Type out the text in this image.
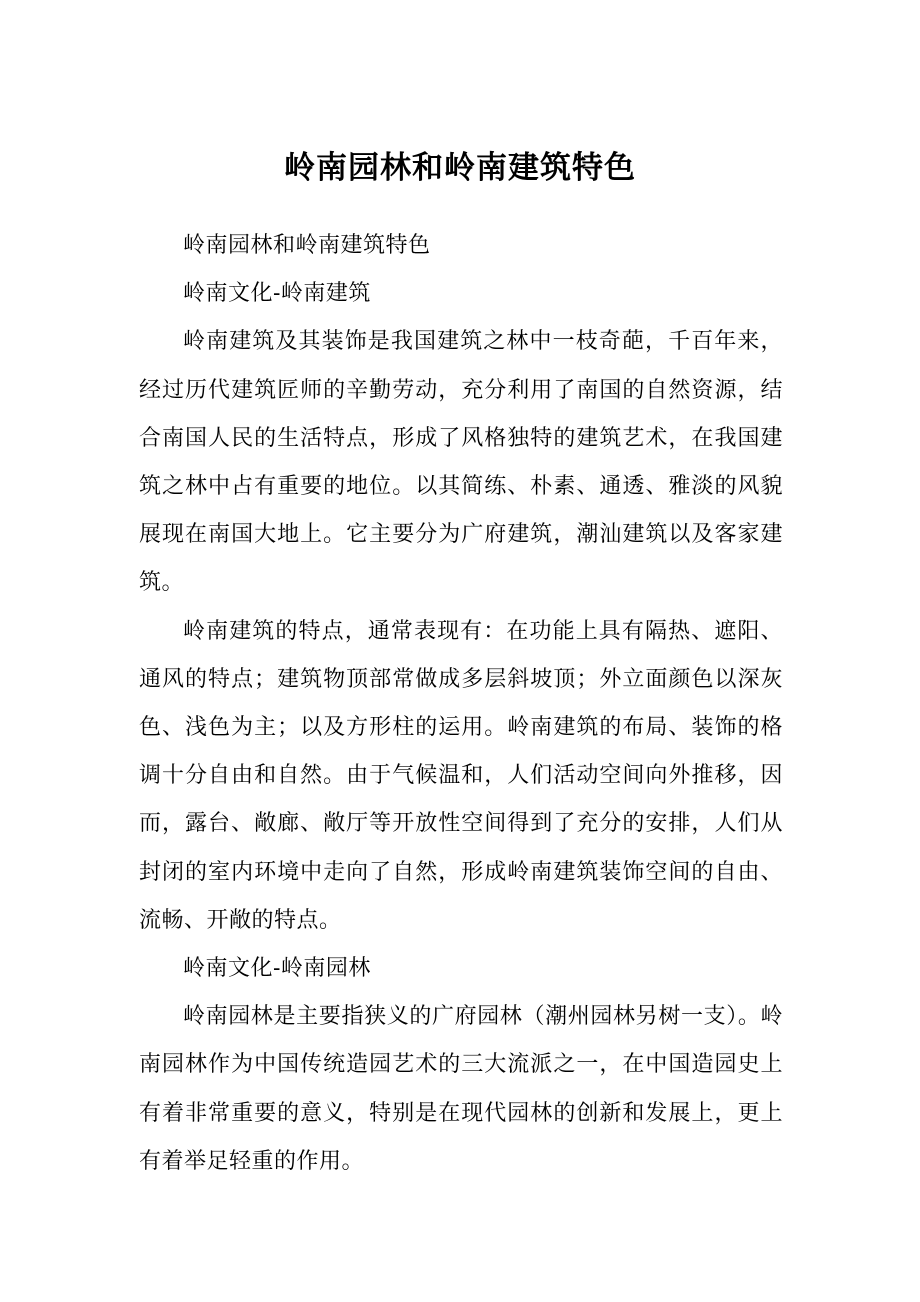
岭南园林和岭南建筑特色

岭南园林和岭南建筑特色

岭南文化-岭南建筑

岭南建筑及其装饰是我国建筑之林中一枝奇葩，千百年来，经过历代建筑匠师的辛勤劳动，充分利用了南国的自然资源，结合南国人民的生活特点，形成了风格独特的建筑艺术，在我国建筑之林中占有重要的地位。以其简练、朴素、通透、雅淡的风貌展现在南国大地上。它主要分为广府建筑，潮汕建筑以及客家建筑。

岭南建筑的特点，通常表现有：在功能上具有隔热、遮阳、通风的特点；建筑物顶部常做成多层斜坡顶；外立面颜色以深灰色、浅色为主；以及方形柱的运用。岭南建筑的布局、装饰的格调十分自由和自然。由于气候温和，人们活动空间向外推移，因而，露台、敞廊、敞厅等开放性空间得到了充分的安排，人们从封闭的室内环境中走向了自然，形成岭南建筑装饰空间的自由、流畅、开敞的特点。

岭南文化-岭南园林

岭南园林是主要指狭义的广府园林（潮州园林另树一支）。岭南园林作为中国传统造园艺术的三大流派之一，在中国造园史上有着非常重要的意义，特别是在现代园林的创新和发展上，更上有着举足轻重的作用。
